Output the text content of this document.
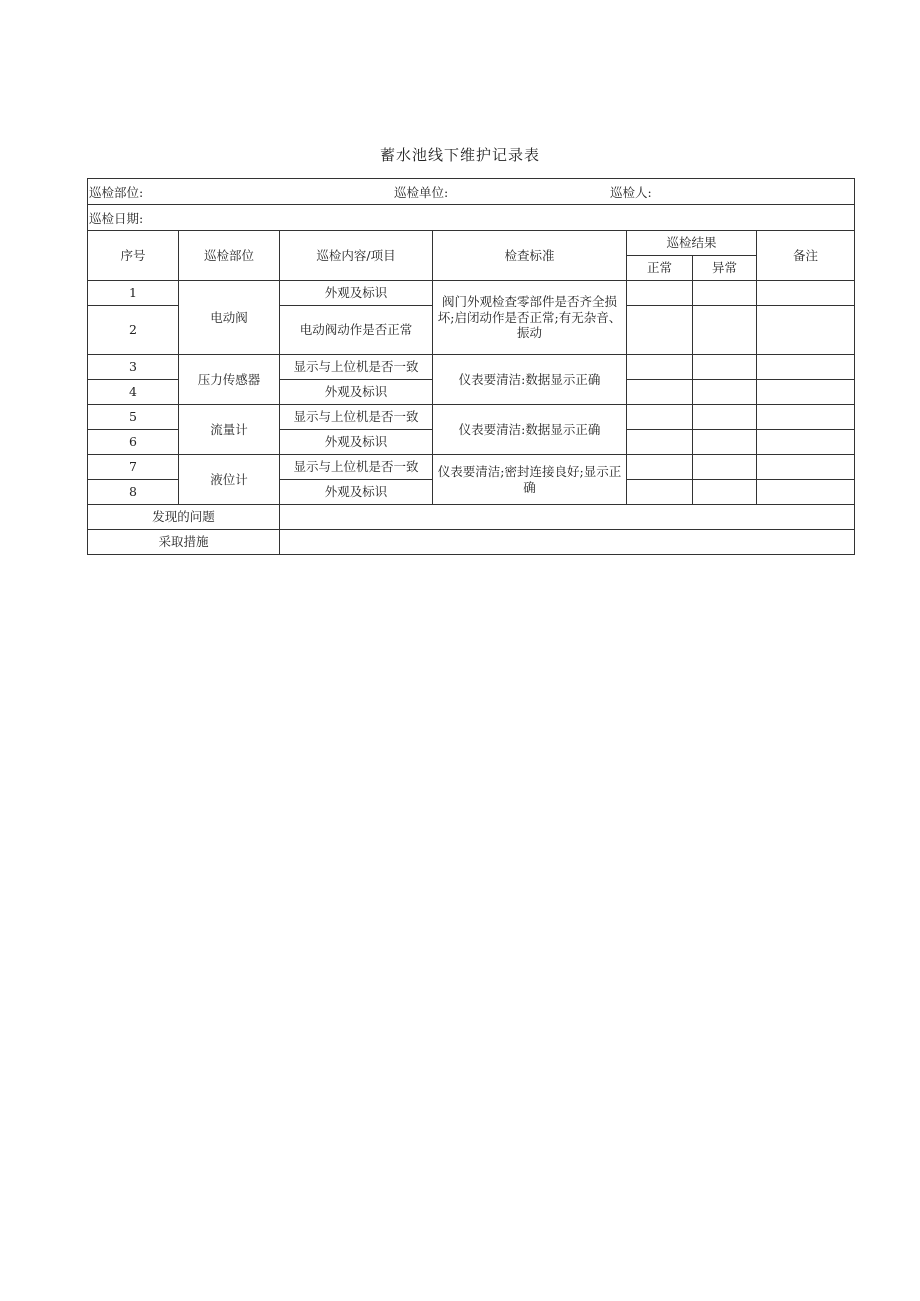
蓄水池线下维护记录表
巡检部位: 巡检单位: 巡检人:						

巡检日期:						

序号	巡检部位	巡检内容/项目	检查标准	巡检结果		备注
				正常	异常	
1	电动阀	外观及标识	阀门外观检查零部件是否齐全损坏;启闭动作是否正常;有无杂音、振动			
2		电动阀动作是否正常				
3	压力传感器	显示与上位机是否一致	仪表要清洁:数据显示正确			
4		外观及标识				
5	流量计	显示与上位机是否一致	仪表要清洁:数据显示正确			
6		外观及标识				
7	液位计	显示与上位机是否一致	仪表要清洁;密封连接良好;显示正确			
8		外观及标识				
发现的问题						
采取措施						
